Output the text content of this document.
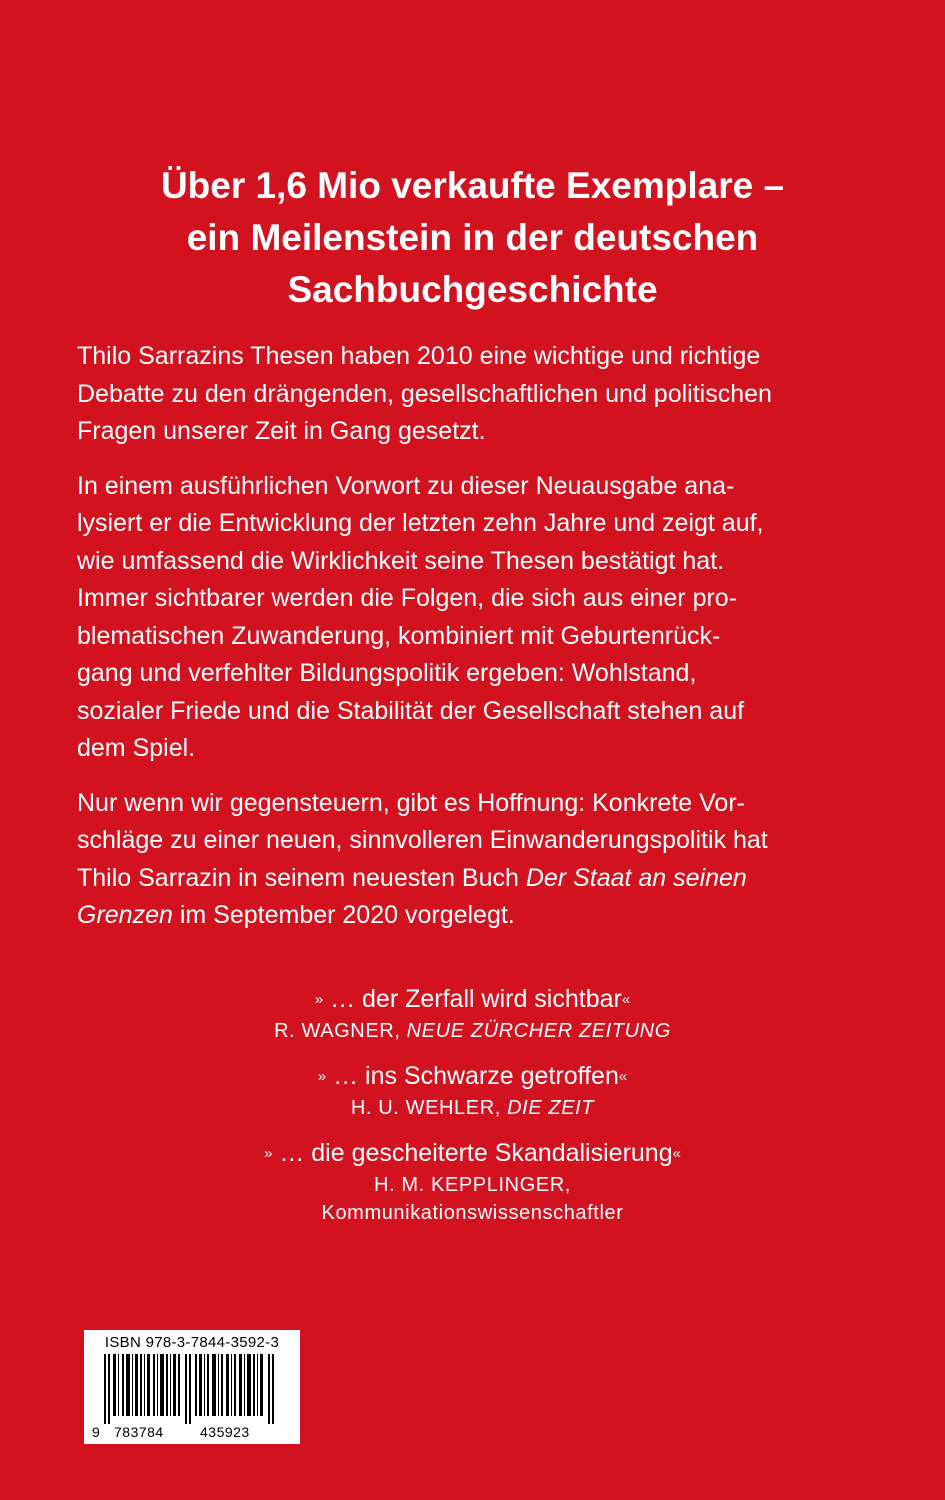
Über 1,6 Mio verkaufte Exemplare –
ein Meilenstein in der deutschen
Sachbuchgeschichte

Thilo Sarrazins Thesen haben 2010 eine wichtige und richtige
Debatte zu den drängenden, gesellschaftlichen und politischen
Fragen unserer Zeit in Gang gesetzt.

In einem ausführlichen Vorwort zu dieser Neuausgabe ana-
lysiert er die Entwicklung der letzten zehn Jahre und zeigt auf,
wie umfassend die Wirklichkeit seine Thesen bestätigt hat.
Immer sichtbarer werden die Folgen, die sich aus einer pro-
blematischen Zuwanderung, kombiniert mit Geburtenrück-
gang und verfehlter Bildungspolitik ergeben: Wohlstand,
sozialer Friede und die Stabilität der Gesellschaft stehen auf
dem Spiel.

Nur wenn wir gegensteuern, gibt es Hoffnung: Konkrete Vor-
schläge zu einer neuen, sinnvolleren Einwanderungspolitik hat
Thilo Sarrazin in seinem neuesten Buch Der Staat an seinen
Grenzen im September 2020 vorgelegt.

» … der Zerfall wird sichtbar«
R. WAGNER, NEUE ZÜRCHER ZEITUNG
» … ins Schwarze getroffen«
H. U. WEHLER, DIE ZEIT
» … die gescheiterte Skandalisierung«
H. M. KEPPLINGER,
Kommunikationswissenschaftler
ISBN 978-3-7844-3592-3
9 783784	435923
